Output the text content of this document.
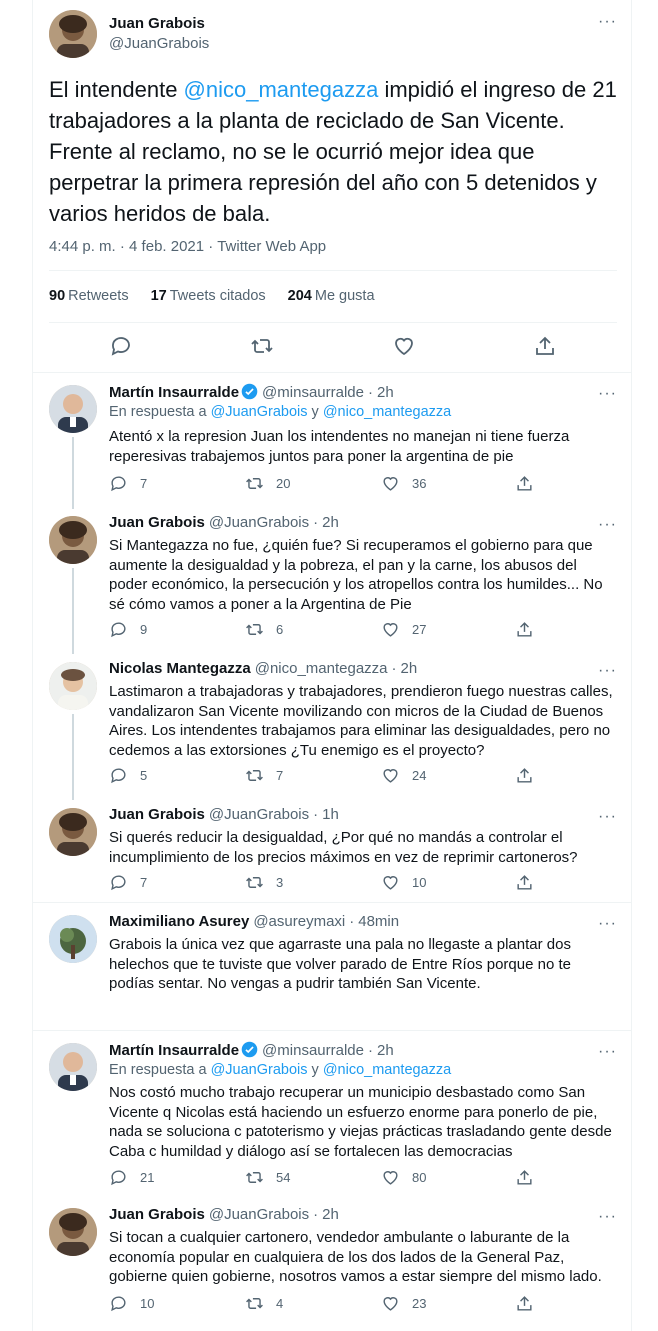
Juan Grabois
@JuanGrabois
···
El intendente @nico_mantegazza impidió el ingreso de 21 trabajadores a la planta de reciclado de San Vicente. Frente al reclamo, no se le ocurrió mejor idea que perpetrar la primera represión del año con 5 detenidos y varios heridos de bala.
4:44 p. m. · 4 feb. 2021 · Twitter Web App
90 Retweets 17 Tweets citados 204 Me gusta
Martín Insaurralde @minsaurralde · 2h	···
En respuesta a @JuanGrabois y @nico_mantegazza
Atentó x la represion Juan los intendentes no manejan ni tiene fuerza reperesivas trabajemos juntos para poner la argentina de pie
7	20	36
Juan Grabois @JuanGrabois · 2h	···
Si Mantegazza no fue, ¿quién fue? Si recuperamos el gobierno para que aumente la desigualdad y la pobreza, el pan y la carne, los abusos del poder económico, la persecución y los atropellos contra los humildes... No sé cómo vamos a poner a la Argentina de Pie
9	6	27
Nicolas Mantegazza @nico_mantegazza · 2h	···
Lastimaron a trabajadoras y trabajadores, prendieron fuego nuestras calles, vandalizaron San Vicente movilizando con micros de la Ciudad de Buenos Aires. Los intendentes trabajamos para eliminar las desigualdades, pero no cedemos a las extorsiones ¿Tu enemigo es el proyecto?
5	7	24
Juan Grabois @JuanGrabois · 1h	···
Si querés reducir la desigualdad, ¿Por qué no mandás a controlar el incumplimiento de los precios máximos en vez de reprimir cartoneros?
7	3	10
Maximiliano Asurey @asureymaxi · 48min	···
Grabois la única vez que agarraste una pala no llegaste a plantar dos helechos que te tuviste que volver parado de Entre Ríos porque no te podías sentar. No vengas a pudrir también San Vicente.
Martín Insaurralde @minsaurralde · 2h	···
En respuesta a @JuanGrabois y @nico_mantegazza
Nos costó mucho trabajo recuperar un municipio desbastado como San Vicente q Nicolas está haciendo un esfuerzo enorme para ponerlo de pie, nada se soluciona c patoterismo y viejas prácticas trasladando gente desde Caba c humildad y diálogo así se fortalecen las democracias
21	54	80
Juan Grabois @JuanGrabois · 2h	···
Si tocan a cualquier cartonero, vendedor ambulante o laburante de la economía popular en cualquiera de los dos lados de la General Paz, gobierne quien gobierne, nosotros vamos a estar siempre del mismo lado.
10	4	23
